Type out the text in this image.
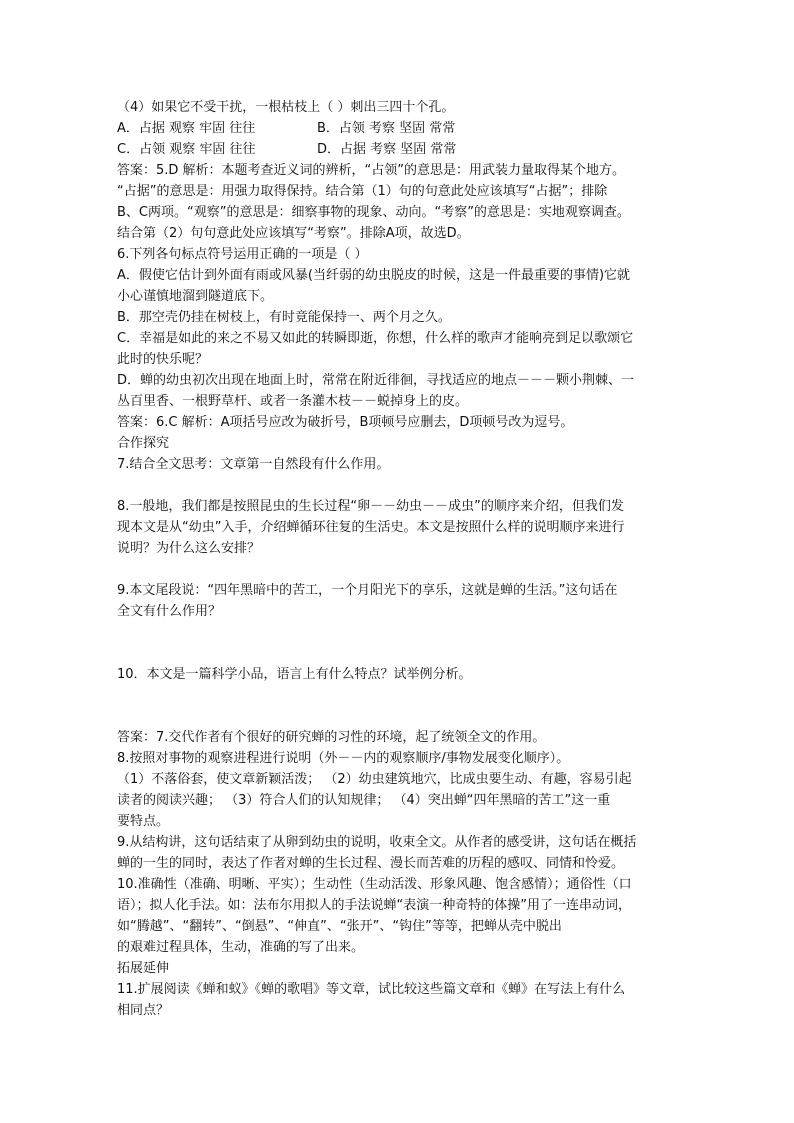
（4）如果它不受干扰，一根枯枝上（ ）刺出三四十个孔。
A．占据 观察 牢固 往往	B．占领 考察 坚固 常常
C．占领 观察 牢固 往往	D．占据 考察 坚固 常常
答案：5.D 解析：本题考查近义词的辨析，“占领”的意思是：用武装力量取得某个地方。
“占据”的意思是：用强力取得保持。结合第（1）句的句意此处应该填写“占据”；排除
B、C两项。“观察”的意思是：细察事物的现象、动向。“考察”的意思是：实地观察调查。
结合第（2）句句意此处应该填写“考察”。排除A项，故选D。
6.下列各句标点符号运用正确的一项是（ ）
A．假使它估计到外面有雨或风暴(当纤弱的幼虫脱皮的时候，这是一件最重要的事情)它就
小心谨慎地溜到隧道底下。
B．那空壳仍挂在树枝上，有时竟能保持一、两个月之久。
C．幸福是如此的来之不易又如此的转瞬即逝，你想，什么样的歌声才能响亮到足以歌颂它
此时的快乐呢？
D．蝉的幼虫初次出现在地面上时，常常在附近徘徊，寻找适应的地点－－－颗小荆棘、一
丛百里香、一根野草杆、或者一条灌木枝－－蜕掉身上的皮。
答案：6.C 解析：A项括号应改为破折号，B项顿号应删去，D项顿号改为逗号。
合作探究
7.结合全文思考：文章第一自然段有什么作用。
8.一般地，我们都是按照昆虫的生长过程“卵－－幼虫－－成虫”的顺序来介绍，但我们发
现本文是从“幼虫”入手，介绍蝉循环往复的生活史。本文是按照什么样的说明顺序来进行
说明？为什么这么安排？
9.本文尾段说：“四年黑暗中的苦工，一个月阳光下的享乐，这就是蝉的生活。”这句话在
全文有什么作用？
10．本文是一篇科学小品，语言上有什么特点？试举例分析。
答案：7.交代作者有个很好的研究蝉的习性的环境，起了统领全文的作用。
8.按照对事物的观察进程进行说明（外－－内的观察顺序/事物发展变化顺序）。
（1）不落俗套，使文章新颖活泼； （2）幼虫建筑地穴，比成虫要生动、有趣，容易引起
读者的阅读兴趣； （3）符合人们的认知规律； （4）突出蝉“四年黑暗的苦工”这一重
要特点。
9.从结构讲，这句话结束了从卵到幼虫的说明，收束全文。从作者的感受讲，这句话在概括
蝉的一生的同时，表达了作者对蝉的生长过程、漫长而苦难的历程的感叹、同情和怜爱。
10.准确性（准确、明晰、平实）；生动性（生动活泼、形象风趣、饱含感情）；通俗性（口
语）；拟人化手法。如：法布尔用拟人的手法说蝉“表演一种奇特的体操”用了一连串动词，
如“腾越”、“翻转”、“倒悬”、“伸直”、“张开”、“钩住”等等，把蝉从壳中脱出
的艰难过程具体，生动，准确的写了出来。
拓展延伸
11.扩展阅读《蝉和蚁》《蝉的歌唱》等文章，试比较这些篇文章和《蝉》在写法上有什么
相同点？
